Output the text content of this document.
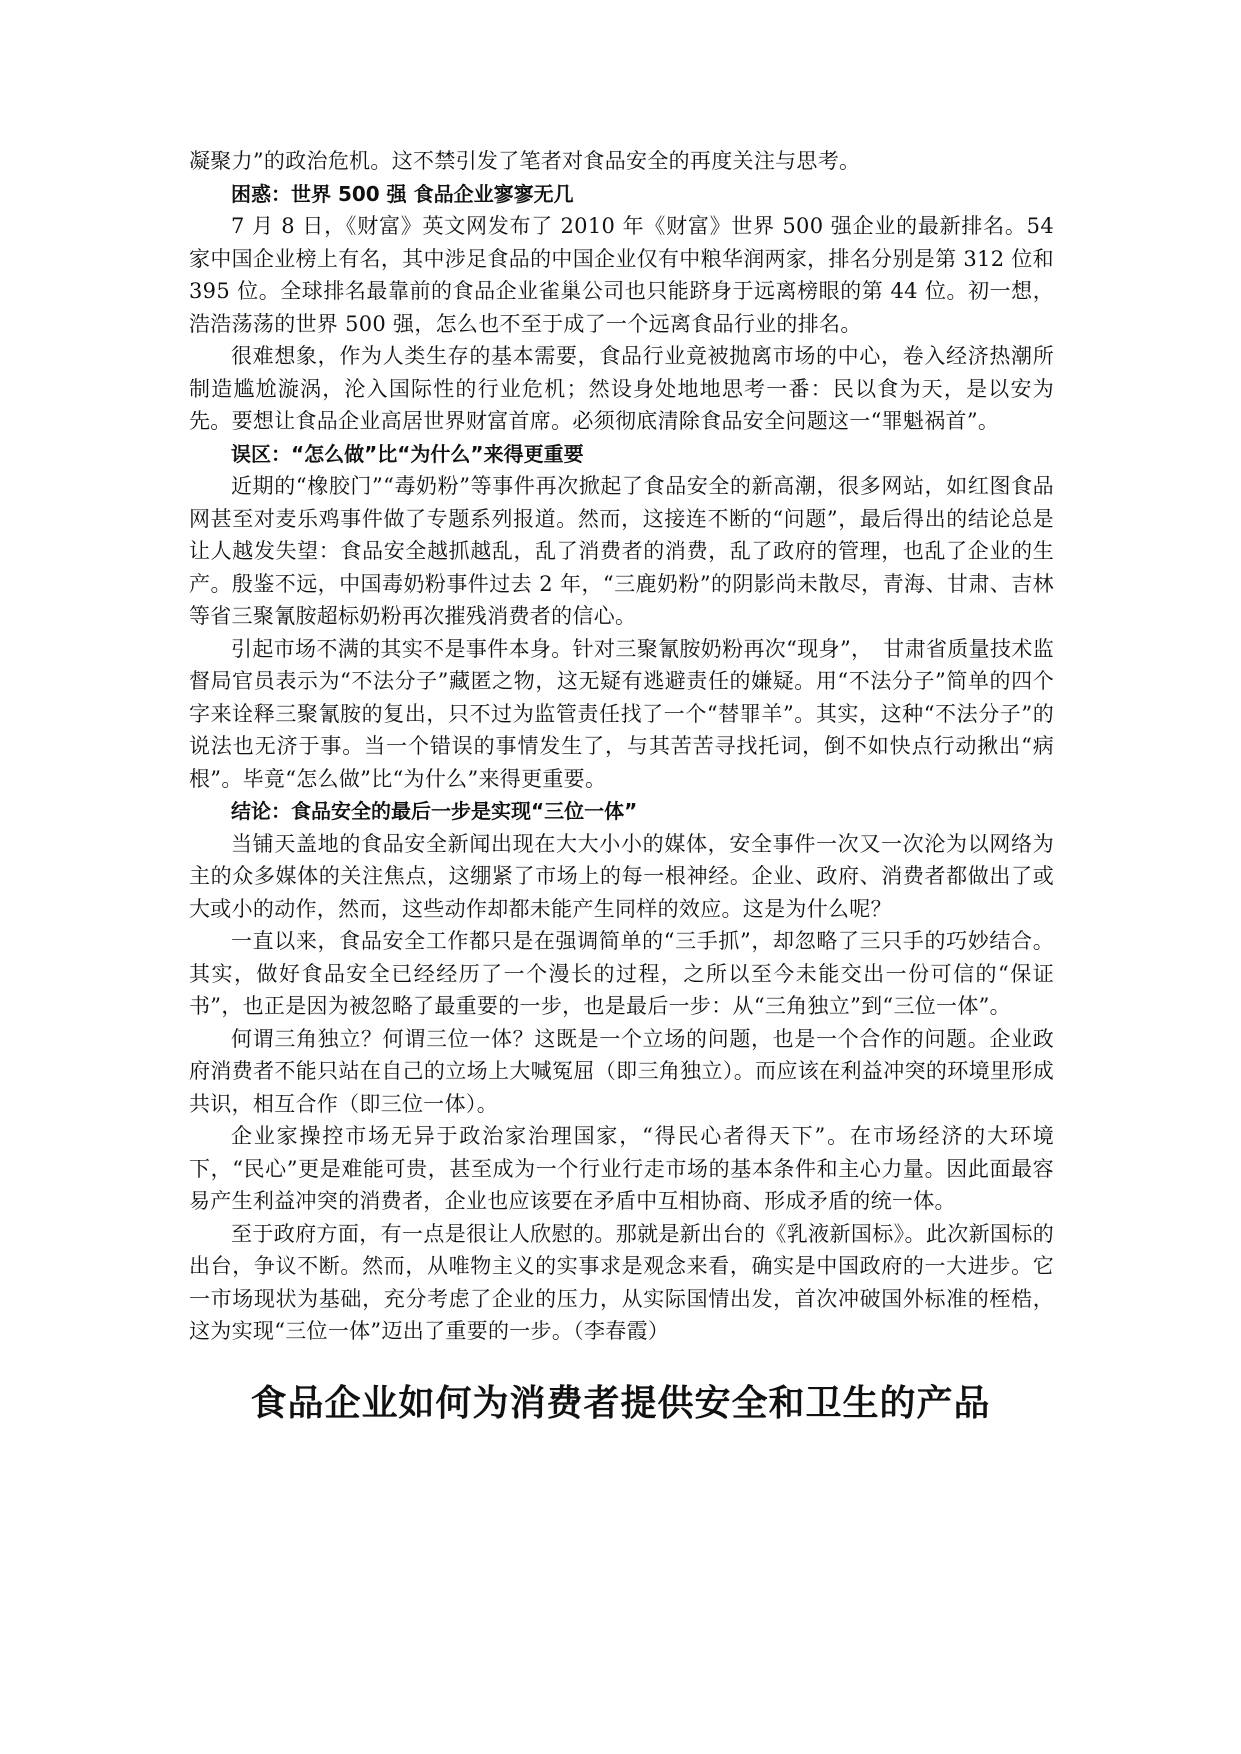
凝聚力”的政治危机。这不禁引发了笔者对食品安全的再度关注与思考。

困惑：世界 500 强 食品企业寥寥无几

7 月 8 日，《财富》英文网发布了 2010 年《财富》世界 500 强企业的最新排名。54 家中国企业榜上有名，其中涉足食品的中国企业仅有中粮华润两家，排名分别是第 312 位和 395 位。全球排名最靠前的食品企业雀巢公司也只能跻身于远离榜眼的第 44 位。初一想，浩浩荡荡的世界 500 强，怎么也不至于成了一个远离食品行业的排名。

很难想象，作为人类生存的基本需要，食品行业竟被抛离市场的中心，卷入经济热潮所制造尴尬漩涡，沦入国际性的行业危机；然设身处地地思考一番：民以食为天，是以安为先。要想让食品企业高居世界财富首席。必须彻底清除食品安全问题这一“罪魁祸首”。

误区：“怎么做”比“为什么”来得更重要

近期的“橡胶门”“毒奶粉”等事件再次掀起了食品安全的新高潮，很多网站，如红图食品网甚至对麦乐鸡事件做了专题系列报道。然而，这接连不断的“问题”，最后得出的结论总是让人越发失望：食品安全越抓越乱，乱了消费者的消费，乱了政府的管理，也乱了企业的生产。殷鉴不远，中国毒奶粉事件过去 2 年，“三鹿奶粉”的阴影尚未散尽，青海、甘肃、吉林等省三聚氰胺超标奶粉再次摧残消费者的信心。

引起市场不满的其实不是事件本身。针对三聚氰胺奶粉再次“现身”，　甘肃省质量技术监督局官员表示为“不法分子”藏匿之物，这无疑有逃避责任的嫌疑。用“不法分子”简单的四个字来诠释三聚氰胺的复出，只不过为监管责任找了一个“替罪羊”。其实，这种“不法分子”的说法也无济于事。当一个错误的事情发生了，与其苦苦寻找托词，倒不如快点行动揪出“病根”。毕竟“怎么做”比“为什么”来得更重要。

结论：食品安全的最后一步是实现“三位一体”

当铺天盖地的食品安全新闻出现在大大小小的媒体，安全事件一次又一次沦为以网络为主的众多媒体的关注焦点，这绷紧了市场上的每一根神经。企业、政府、消费者都做出了或大或小的动作，然而，这些动作却都未能产生同样的效应。这是为什么呢？

一直以来，食品安全工作都只是在强调简单的“三手抓”，却忽略了三只手的巧妙结合。其实，做好食品安全已经经历了一个漫长的过程，之所以至今未能交出一份可信的“保证书”，也正是因为被忽略了最重要的一步，也是最后一步：从“三角独立”到“三位一体”。

何谓三角独立？何谓三位一体？这既是一个立场的问题，也是一个合作的问题。企业政府消费者不能只站在自己的立场上大喊冤屈（即三角独立）。而应该在利益冲突的环境里形成共识，相互合作（即三位一体）。

企业家操控市场无异于政治家治理国家，“得民心者得天下”。在市场经济的大环境下，“民心”更是难能可贵，甚至成为一个行业行走市场的基本条件和主心力量。因此面最容易产生利益冲突的消费者，企业也应该要在矛盾中互相协商、形成矛盾的统一体。

至于政府方面，有一点是很让人欣慰的。那就是新出台的《乳液新国标》。此次新国标的出台，争议不断。然而，从唯物主义的实事求是观念来看，确实是中国政府的一大进步。它一市场现状为基础，充分考虑了企业的压力，从实际国情出发，首次冲破国外标准的桎梏，这为实现“三位一体”迈出了重要的一步。（李春霞）

食品企业如何为消费者提供安全和卫生的产品
